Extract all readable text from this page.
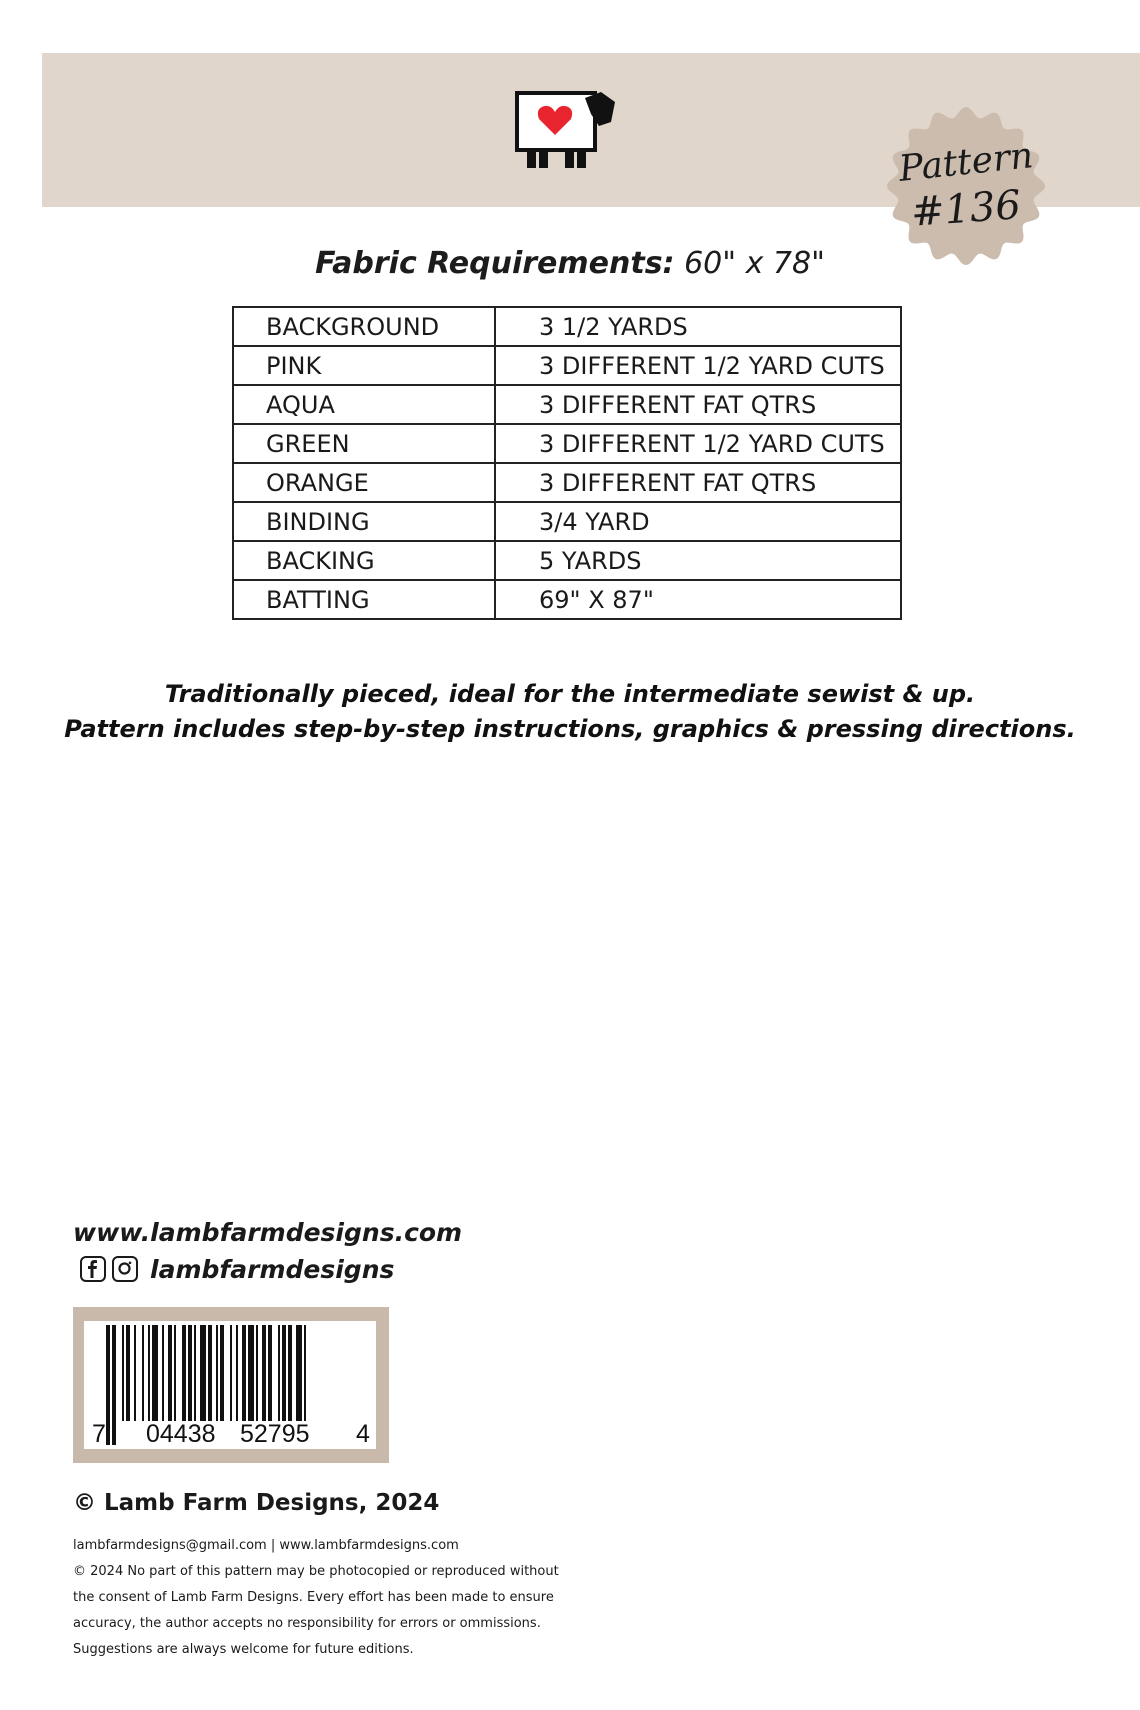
Pattern
#136
Fabric Requirements: 60" x 78"
BACKGROUND	3 1/2 YARDS
PINK	3 DIFFERENT 1/2 YARD CUTS
AQUA	3 DIFFERENT FAT QTRS
GREEN	3 DIFFERENT 1/2 YARD CUTS
ORANGE	3 DIFFERENT FAT QTRS
BINDING	3/4 YARD
BACKING	5 YARDS
BATTING	69" X 87"
Traditionally pieced, ideal for the intermediate sewist & up.
Pattern includes step-by-step instructions, graphics & pressing directions.
www.lambfarmdesigns.com
lambfarmdesigns
7 04438 52795 4
© Lamb Farm Designs, 2024
lambfarmdesigns@gmail.com | www.lambfarmdesigns.com
© 2024 No part of this pattern may be photocopied or reproduced without
the consent of Lamb Farm Designs. Every effort has been made to ensure
accuracy, the author accepts no responsibility for errors or ommissions.
Suggestions are always welcome for future editions.
